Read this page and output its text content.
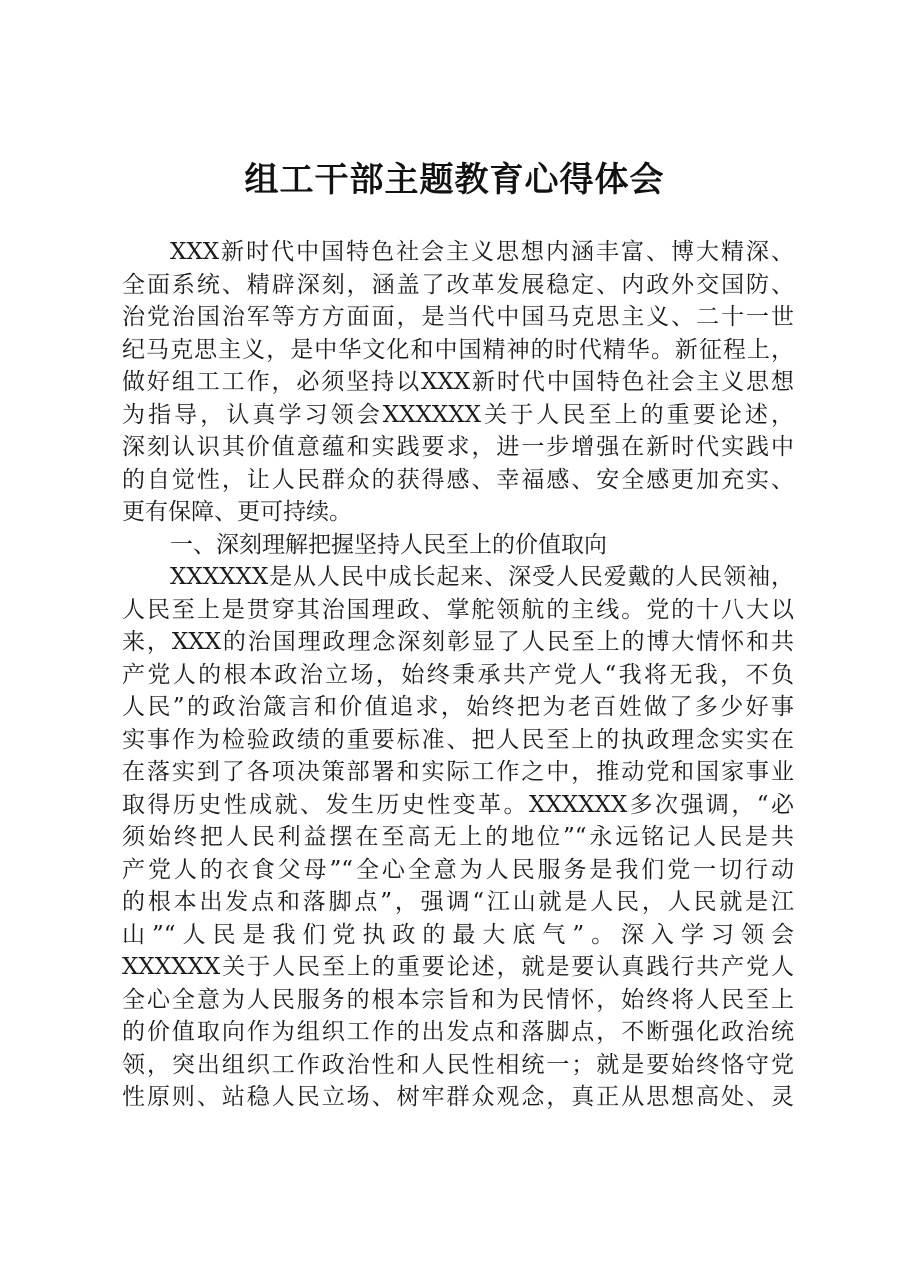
组工干部主题教育心得体会
XXX新时代中国特色社会主义思想内涵丰富、博大精深、
全面系统、精辟深刻，涵盖了改革发展稳定、内政外交国防、
治党治国治军等方方面面，是当代中国马克思主义、二十一世
纪马克思主义，是中华文化和中国精神的时代精华。新征程上，
做好组工工作，必须坚持以XXX新时代中国特色社会主义思想
为指导，认真学习领会XXXXXX关于人民至上的重要论述，
深刻认识其价值意蕴和实践要求，进一步增强在新时代实践中
的自觉性，让人民群众的获得感、幸福感、安全感更加充实、
更有保障、更可持续。
一、深刻理解把握坚持人民至上的价值取向
XXXXXX是从人民中成长起来、深受人民爱戴的人民领袖，
人民至上是贯穿其治国理政、掌舵领航的主线。党的十八大以
来，XXX的治国理政理念深刻彰显了人民至上的博大情怀和共
产党人的根本政治立场，始终秉承共产党人“我将无我，不负
人民”的政治箴言和价值追求，始终把为老百姓做了多少好事
实事作为检验政绩的重要标准、把人民至上的执政理念实实在
在落实到了各项决策部署和实际工作之中，推动党和国家事业
取得历史性成就、发生历史性变革。XXXXXX多次强调，“必
须始终把人民利益摆在至高无上的地位”“永远铭记人民是共
产党人的衣食父母”“全心全意为人民服务是我们党一切行动
的根本出发点和落脚点”，强调“江山就是人民，人民就是江
山”“人民是我们党执政的最大底气”。深入学习领会
XXXXXX关于人民至上的重要论述，就是要认真践行共产党人
全心全意为人民服务的根本宗旨和为民情怀，始终将人民至上
的价值取向作为组织工作的出发点和落脚点，不断强化政治统
领，突出组织工作政治性和人民性相统一；就是要始终恪守党
性原则、站稳人民立场、树牢群众观念，真正从思想高处、灵
